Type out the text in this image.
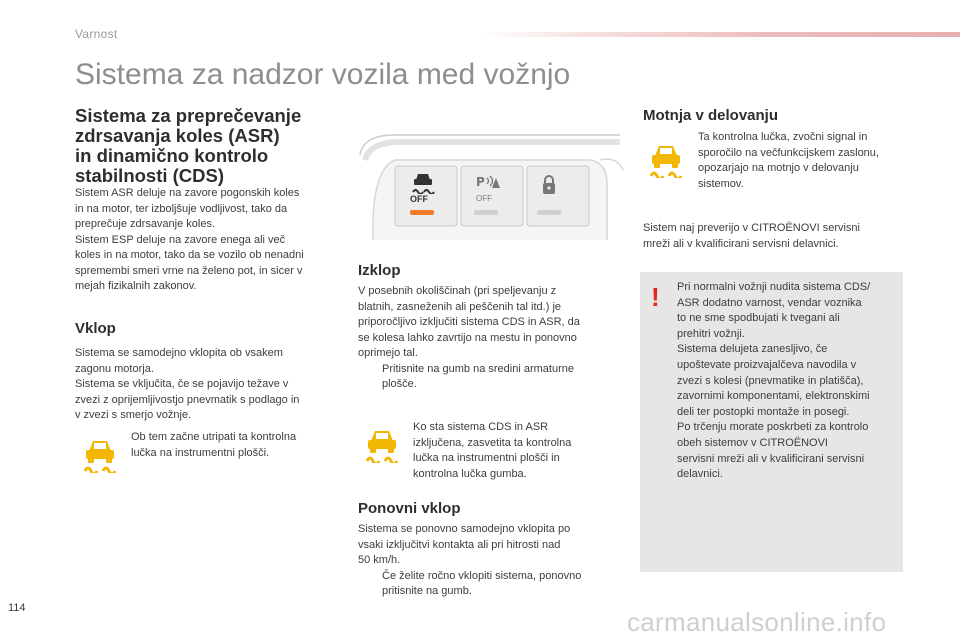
Varnost
Sistema za nadzor vozila med vožnjo
Sistema za preprečevanje
zdrsavanja koles (ASR)
in dinamično kontrolo
stabilnosti (CDS)

Sistem ASR deluje na zavore pogonskih koles

in na motor, ter izboljšuje vodljivost, tako da

preprečuje zdrsavanje koles.

Sistem ESP deluje na zavore enega ali več

koles in na motor, tako da se vozilo ob nenadni

spremembi smeri vrne na želeno pot, in sicer v

mejah fizikalnih zakonov.

Vklop

Sistema se samodejno vklopita ob vsakem

zagonu motorja.

Sistema se vključita, če se pojavijo težave v

zvezi z oprijemljivostjo pnevmatik s podlago in

v zvezi s smerjo vožnje.

Ob tem začne utripati ta kontrolna

lučka na instrumentni plošči.

OFF
P
OFF
Izklop

V posebnih okoliščinah (pri speljevanju z

blatnih, zasneženih ali peščenih tal itd.) je

priporočljivo izključiti sistema CDS in ASR, da

se kolesa lahko zavrtijo na mestu in ponovno

oprimejo tal.

Pritisnite na gumb na sredini armaturne

plošče.

Ko sta sistema CDS in ASR

izključena, zasvetita ta kontrolna

lučka na instrumentni plošči in

kontrolna lučka gumba.

Ponovni vklop

Sistema se ponovno samodejno vklopita po

vsaki izključitvi kontakta ali pri hitrosti nad

50 km/h.

Če želite ročno vklopiti sistema, ponovno

pritisnite na gumb.

Motnja v delovanju

Ta kontrolna lučka, zvočni signal in

sporočilo na večfunkcijskem zaslonu,

opozarjajo na motnjo v delovanju

sistemov.

Sistem naj preverijo v CITROËNOVI servisni

mreži ali v kvalificirani servisni delavnici.

! Pri normalni vožnji nudita sistema CDS/

ASR dodatno varnost, vendar voznika

to ne sme spodbujati k tvegani ali

prehitri vožnji.

Sistema delujeta zanesljivo, če

upoštevate proizvajalčeva navodila v

zvezi s kolesi (pnevmatike in platišča),

zavornimi komponentami, elektronskimi

deli ter postopki montaže in posegi.

Po trčenju morate poskrbeti za kontrolo

obeh sistemov v CITROËNOVI

servisni mreži ali v kvalificirani servisni

delavnici.

114	carmanualsonline.info
